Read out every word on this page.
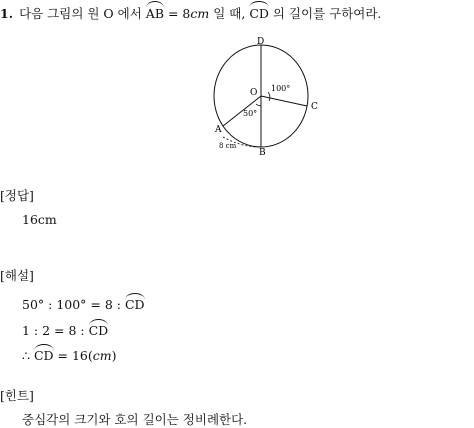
1. 다음 그림의 원 O 에서 AB = 8cm 일 때, CD 의 길이를 구하여라.
D
O
C
A
B
100°
50°
8 cm
[정답]
16cm
[해설]
50° : 100° = 8 : CD
1 : 2 = 8 : CD
∴ CD = 16(cm)
[힌트]
중심각의 크기와 호의 길이는 정비례한다.
